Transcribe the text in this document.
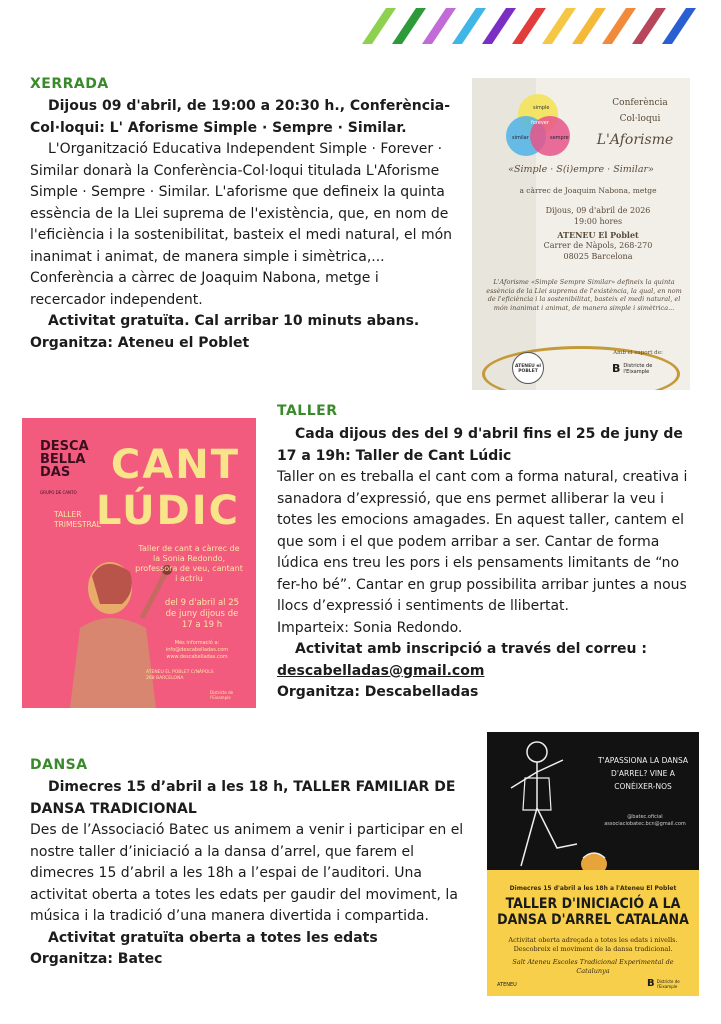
XERRADA

Dijous 09 d'abril, de 19:00 a 20:30 h., Conferència-Col·loqui: L' Aforisme Simple · Sempre · Similar.

L'Organització Educativa Independent Simple · Forever · Similar donarà la Conferència-Col·loqui titulada L'Aforisme Simple · Sempre · Similar. L'aforisme que defineix la quinta essència de la Llei suprema de l'existència, que, en nom de l'eficiència i la sostenibilitat, basteix el medi natural, el món inanimat i animat, de manera simple i simètrica,... Conferència a càrrec de Joaquim Nabona, metge i recercador independent.

Activitat gratuïta. Cal arribar 10 minuts abans.

Organitza: Ateneu el Poblet

simple
similar	sempre
forever
Conferència
Col·loqui
L'Aforisme
«Simple · S(i)empre · Similar»
a càrrec de Joaquim Nabona, metge
Dijous, 09 d'abril de 2026
19:00 hores
ATENEU El Poblet
Carrer de Nàpols, 268-270
08025 Barcelona
L'Aforisme «Simple Sempre Similar» defineix la quinta essència de la Llei suprema de l'existència, la qual, en nom de l'eficiència i la sostenibilitat, basteix el medi natural, el món inanimat i animat, de manera simple i simètrica...
Amb el suport de:
ATENEU el POBLET	B Districte de l'Eixample
TALLER

Cada dijous des del 9 d'abril fins el 25 de juny de 17 a 19h: Taller de Cant Lúdic

Taller on es treballa el cant com a forma natural, creativa i sanadora d’expressió, que ens permet alliberar la veu i totes les emocions amagades. En aquest taller, cantem el que som i el que podem arribar a ser. Cantar de forma lúdica ens treu les pors i els pensaments limitants de “no fer-ho bé”. Cantar en grup possibilita arribar juntes a nous llocs d’expressió i sentiments de llibertat.

Imparteix: Sonia Redondo.

Activitat amb inscripció a través del correu :

descabelladas@gmail.com

Organitza: Descabelladas

DESCA BELLA DAS
GRUPO DE CANTO
CANT
LÚDIC
TALLER TRIMESTRAL
Taller de cant a càrrec de la Sonia Redondo, professora de veu, cantant i actriu
del 9 d'abril al 25 de juny dijous de 17 a 19 h
Més informació a: info@descabelladas.com www.descabelladas.com
ATENEU EL POBLET C/NÀPOLS 268 BARCELONA
Districte de l'Eixample
DANSA

Dimecres 15 d’abril a les 18 h, TALLER FAMILIAR DE DANSA TRADICIONAL

Des de l’Associació Batec us animem a venir i participar en el nostre taller d’iniciació a la dansa d’arrel, que farem el dimecres 15 d’abril a les 18h a l’espai de l’auditori. Una activitat oberta a totes les edats per gaudir del moviment, la música i la tradició d’una manera divertida i compartida.

Activitat gratuïta oberta a totes les edats

Organitza: Batec

T'APASSIONA LA DANSA D'ARREL? VINE A CONÈIXER-NOS
@batec.oficial associaciobatec.bcn@gmail.com
Dimecres 15 d'abril a les 18h a l'Ateneu El Poblet
TALLER D'INICIACIÓ A LA DANSA D'ARREL CATALANA
Activitat oberta adreçada a totes les edats i nivells. Descobreix el moviment de la dansa tradicional.
Salt Ateneu Escoles Tradicional Experimental de Catalunya
ATENEU	B Districte de l'Eixample
